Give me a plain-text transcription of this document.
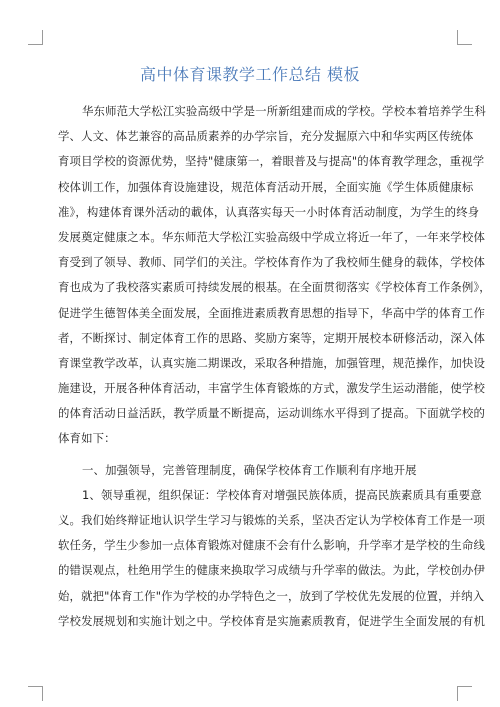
高中体育课教学工作总结 模板
华东师范大学松江实验高级中学是一所新组建而成的学校。学校本着培养学生科
学、人文、体艺兼容的高品质素养的办学宗旨，充分发掘原六中和华实两区传统体
育项目学校的资源优势，坚持"健康第一，着眼普及与提高"的体育教学理念，重视学
校体训工作，加强体育设施建设，规范体育活动开展，全面实施《学生体质健康标
准》，构建体育课外活动的載体，认真落实每天一小时体育活动制度，为学生的终身
发展奠定健康之本。华东师范大学松江实验高级中学成立将近一年了，一年来学校体
育受到了领导、教师、同学们的关注。学校体育作为了我校师生健身的载体，学校体
育也成为了我校落实素质可持续发展的根基。在全面贯彻落实《学校体育工作条例》，
促进学生德智体美全面发展，全面推进素质教育思想的指导下，华高中学的体育工作
者，不断探讨、制定体育工作的思路、奖励方案等，定期开展校本研修活动，深入体
育课堂教学改革，认真实施二期课改，采取各种措施，加强管理，规范操作，加快设
施建设，开展各种体育活动，丰富学生体育锻炼的方式，激发学生运动潜能，使学校
的体育活动日益活跃，教学质量不断提高，运动训练水平得到了提高。下面就学校的
体育如下：
一、加强领导，完善管理制度，确保学校体育工作顺利有序地开展
1、领导重视，组织保证：学校体育对增强民族体质，提高民族素质具有重要意
义。我们始终辩证地认识学生学习与锻炼的关系，坚决否定认为学校体育工作是一项
软任务，学生少参加一点体育锻炼对健康不会有什么影响，升学率才是学校的生命线
的错误观点，杜绝用学生的健康来换取学习成绩与升学率的做法。为此，学校创办伊
始，就把"体育工作"作为学校的办学特色之一，放到了学校优先发展的位置，并纳入
学校发展规划和实施计划之中。学校体育是实施素质教育，促进学生全面发展的有机
